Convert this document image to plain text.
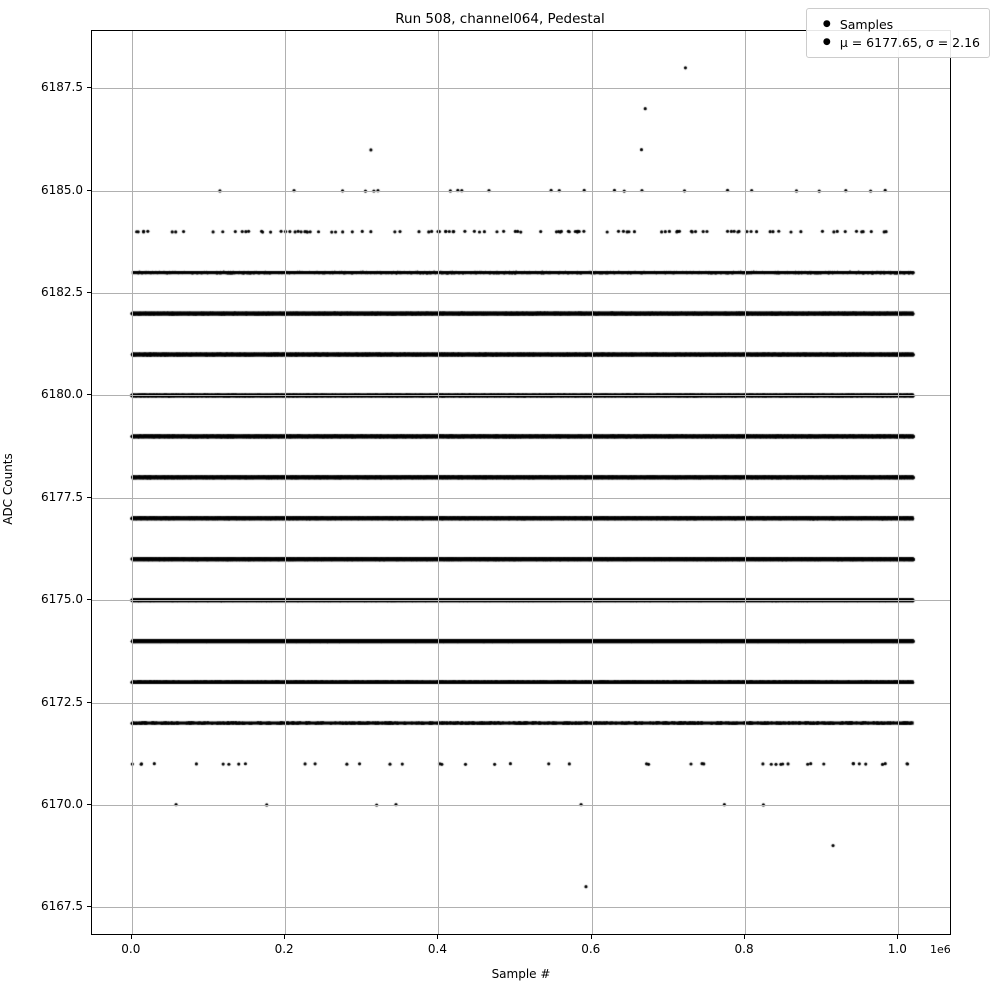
Run 508, channel064, Pedestal
Sample #
ADC Counts
1e6
● Samples
● μ = 6177.65, σ = 2.16
0.0	0.2	0.4	0.6	0.8	1.0
6167.5
6170.0
6172.5
6175.0
6177.5
6180.0
6182.5
6185.0
6187.5
